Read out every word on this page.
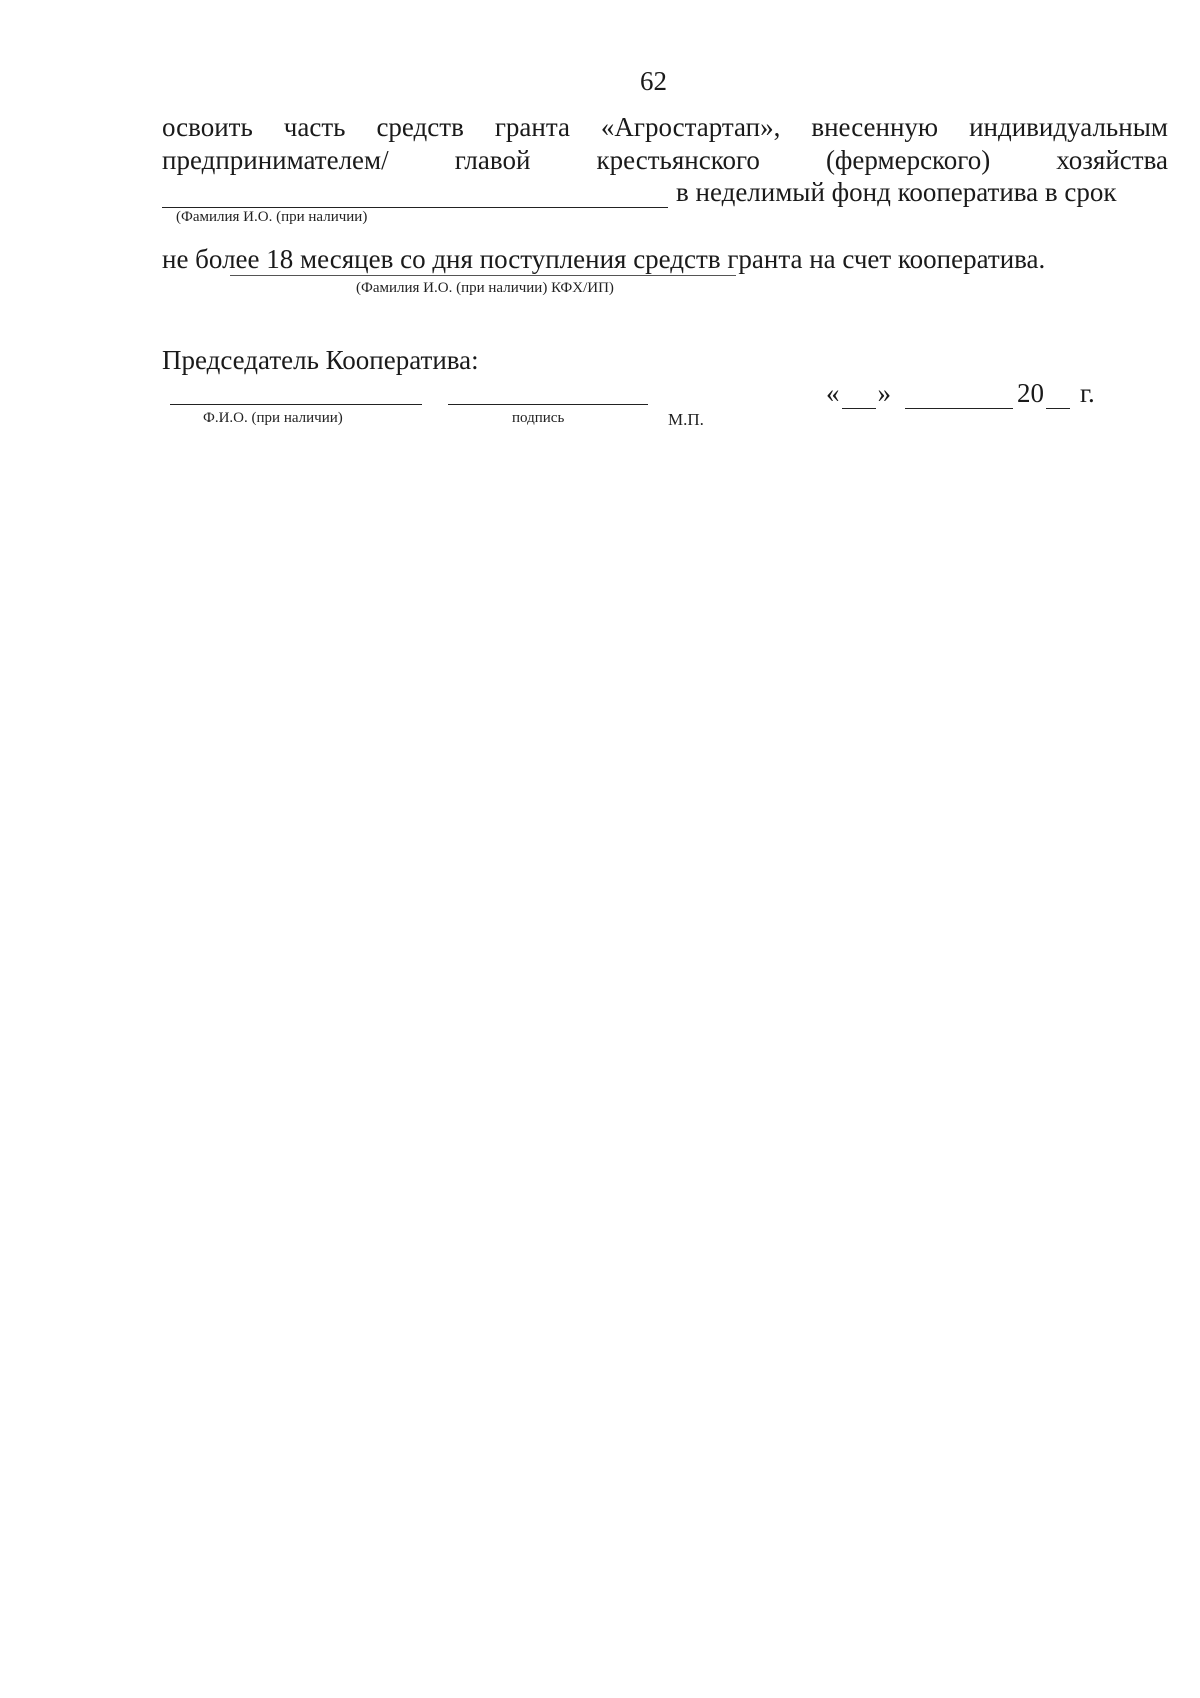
62
освоить часть средств гранта «Агростартап», внесенную индивидуальным
предпринимателем/ главой крестьянского (фермерского) хозяйства
в неделимый фонд кооператива в срок
(Фамилия И.О. (при наличии)
не более 18 месяцев со дня поступления средств гранта на счет кооператива.
(Фамилия И.О. (при наличии) КФХ/ИП)
Председатель Кооператива:
Ф.И.О. (при наличии)	подпись	М.П.
« »	20 г.
